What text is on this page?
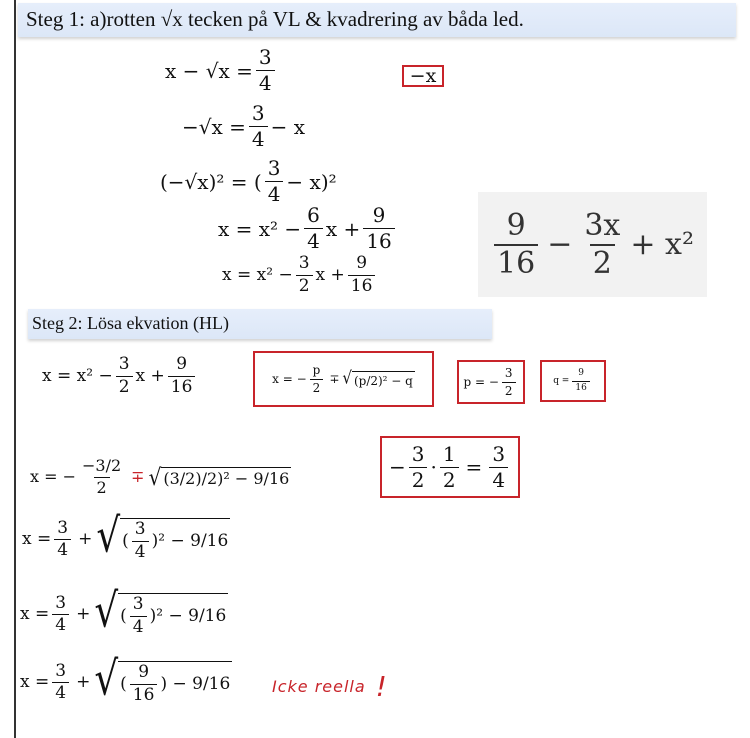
Steg 1: a)rotten √x tecken på VL & kvadrering av båda led.
$x - √x = \frac{3}{4}$	−x
$-√x = \frac{3}{4} - x$
(−√x)² = ( $\frac{3}{4} - x)^2$
$x = x^2 - \frac{6}{4}$ $x + \frac{9}{16}$
$x = x^2 - \frac{3}{2}$ $x + \frac{9}{16}$	$\frac{9}{16} - \frac{3x}{2} + x^2$
Steg 2: Lösa ekvation (HL)
$x = x^2 - \frac{3}{2}$ $x + \frac{9}{16}$	x = − $\frac{p}{2}$ ∓ √ (p/2)² − q	p = − $\frac{3}{2}$	$q = \frac{9}{16}$
x = − $\frac{-3/2}{2}$ ∓ √ (3/2)/2)² − 9/16	− $\frac{3}{2} \cdot \frac{1}{2} = \frac{3}{4}$
$x = \frac{3}{4}$ + √ ( $\frac{3}{4} )^2 - 9/16$
$x = \frac{3}{4}$ + √ ( $\frac{3}{4} )^2 - 9/16$
$x = \frac{3}{4}$ + √ ( $\frac{9}{16}$ ) − 9/16	Icke reella !
